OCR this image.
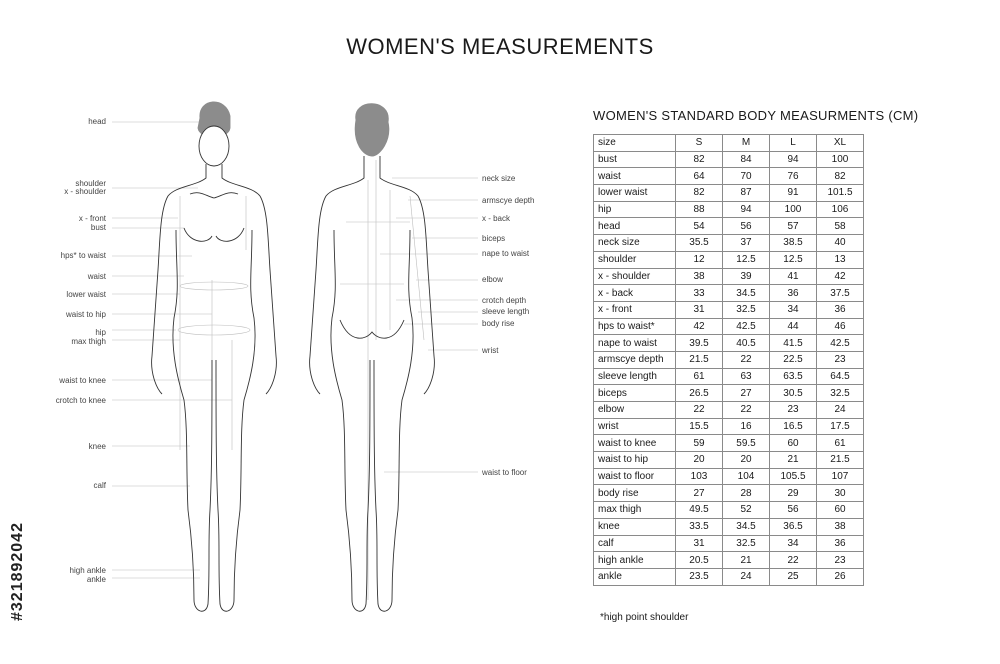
WOMEN'S MEASUREMENTS
#321892042
head
shoulder
x - shoulder
x - front
bust
hps* to waist
waist
lower waist
waist to hip
hip
max thigh
waist to knee
crotch to knee
knee
calf
high ankle
ankle
neck size
armscye depth
x - back
biceps
nape to waist
elbow
crotch depth
sleeve length
body rise
wrist
waist to floor
WOMEN'S STANDARD BODY MEASURMENTS (CM)
size	S	M	L	XL
bust	82	84	94	100
waist	64	70	76	82
lower waist	82	87	91	101.5
hip	88	94	100	106
head	54	56	57	58
neck size	35.5	37	38.5	40
shoulder	12	12.5	12.5	13
x - shoulder	38	39	41	42
x - back	33	34.5	36	37.5
x - front	31	32.5	34	36
hps to waist*	42	42.5	44	46
nape to waist	39.5	40.5	41.5	42.5
armscye depth	21.5	22	22.5	23
sleeve length	61	63	63.5	64.5
biceps	26.5	27	30.5	32.5
elbow	22	22	23	24
wrist	15.5	16	16.5	17.5
waist to knee	59	59.5	60	61
waist to hip	20	20	21	21.5
waist to floor	103	104	105.5	107
body rise	27	28	29	30
max thigh	49.5	52	56	60
knee	33.5	34.5	36.5	38
calf	31	32.5	34	36
high ankle	20.5	21	22	23
ankle	23.5	24	25	26
*high point shoulder
